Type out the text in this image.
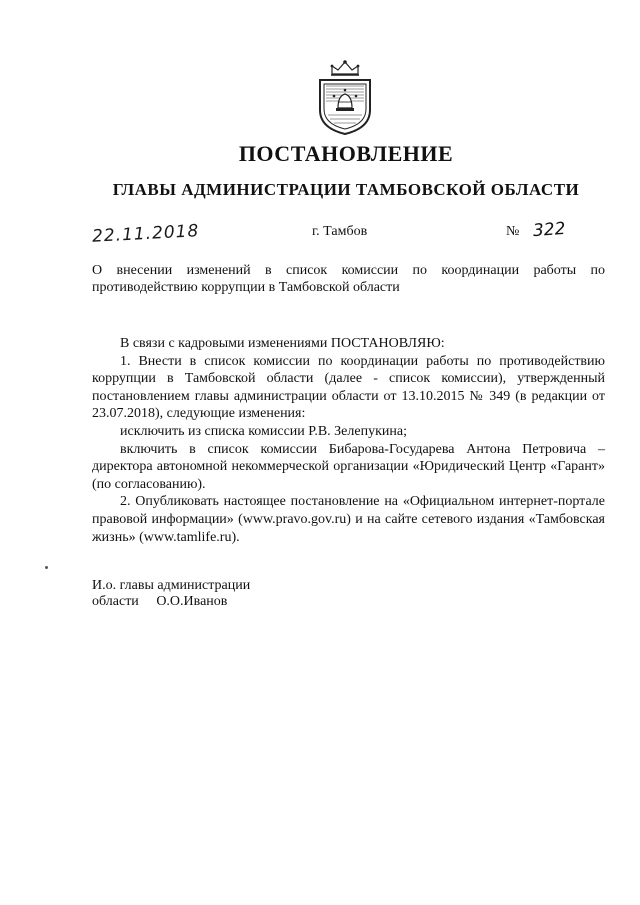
ПОСТАНОВЛЕНИЕ
ГЛАВЫ АДМИНИСТРАЦИИ ТАМБОВСКОЙ ОБЛАСТИ
22.11.2018	г. Тамбов	№ 322
О внесении изменений в список комиссии по координации работы по противодействию коррупции в Тамбовской области

В связи с кадровыми изменениями ПОСТАНОВЛЯЮ:

1. Внести в список комиссии по координации работы по противодействию коррупции в Тамбовской области (далее - список комиссии), утвержденный постановлением главы администрации области от 13.10.2015 № 349 (в редакции от 23.07.2018), следующие изменения:

исключить из списка комиссии Р.В. Зелепукина;

включить в список комиссии Бибарова-Государева Антона Петровича – директора автономной некоммерческой организации «Юридический Центр «Гарант» (по согласованию).

2. Опубликовать настоящее постановление на «Официальном интернет-портале правовой информации» (www.pravo.gov.ru) и на сайте сетевого издания «Тамбовская жизнь» (www.tamlife.ru).

И.о. главы администрации
области О.О.Иванов
